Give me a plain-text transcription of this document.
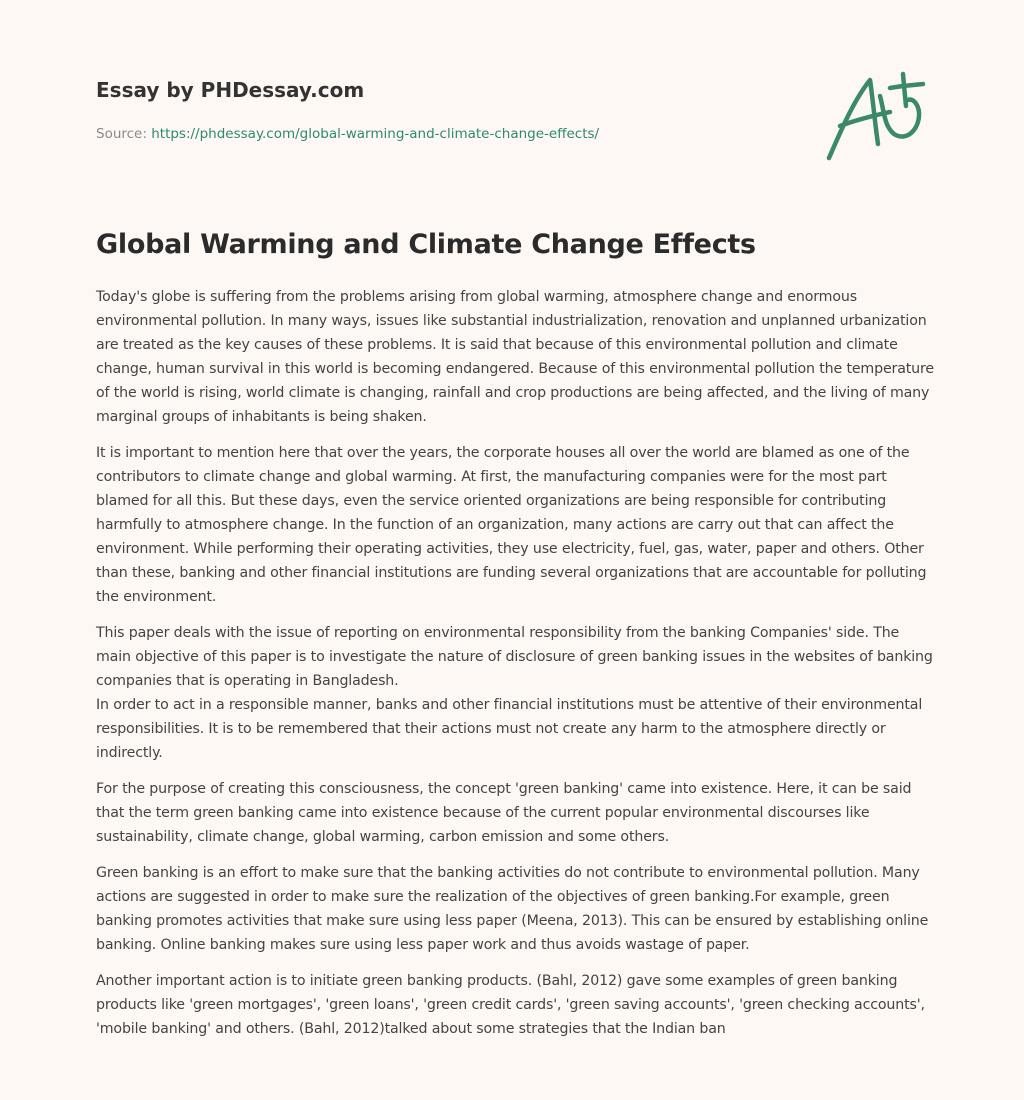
Essay by PHDessay.com
Source: https://phdessay.com/global-warming-and-climate-change-effects/
Global Warming and Climate Change Effects

Today's globe is suffering from the problems arising from global warming, atmosphere change and enormous environmental pollution. In many ways, issues like substantial industrialization, renovation and unplanned urbanization are treated as the key causes of these problems. It is said that because of this environmental pollution and climate change, human survival in this world is becoming endangered. Because of this environmental pollution the temperature of the world is rising, world climate is changing, rainfall and crop productions are being affected, and the living of many marginal groups of inhabitants is being shaken.

It is important to mention here that over the years, the corporate houses all over the world are blamed as one of the contributors to climate change and global warming. At first, the manufacturing companies were for the most part blamed for all this. But these days, even the service oriented organizations are being responsible for contributing harmfully to atmosphere change. In the function of an organization, many actions are carry out that can affect the environment. While performing their operating activities, they use electricity, fuel, gas, water, paper and others. Other than these, banking and other financial institutions are funding several organizations that are accountable for polluting the environment.

This paper deals with the issue of reporting on environmental responsibility from the banking Companies' side. The main objective of this paper is to investigate the nature of disclosure of green banking issues in the websites of banking companies that is operating in Bangladesh.

In order to act in a responsible manner, banks and other financial institutions must be attentive of their environmental responsibilities. It is to be remembered that their actions must not create any harm to the atmosphere directly or indirectly.

For the purpose of creating this consciousness, the concept 'green banking' came into existence. Here, it can be said that the term green banking came into existence because of the current popular environmental discourses like sustainability, climate change, global warming, carbon emission and some others.

Green banking is an effort to make sure that the banking activities do not contribute to environmental pollution. Many actions are suggested in order to make sure the realization of the objectives of green banking.For example, green banking promotes activities that make sure using less paper (Meena, 2013). This can be ensured by establishing online banking. Online banking makes sure using less paper work and thus avoids wastage of paper.

Another important action is to initiate green banking products. (Bahl, 2012) gave some examples of green banking products like 'green mortgages', 'green loans', 'green credit cards', 'green saving accounts', 'green checking accounts', 'mobile banking' and others. (Bahl, 2012)talked about some strategies that the Indian ban
